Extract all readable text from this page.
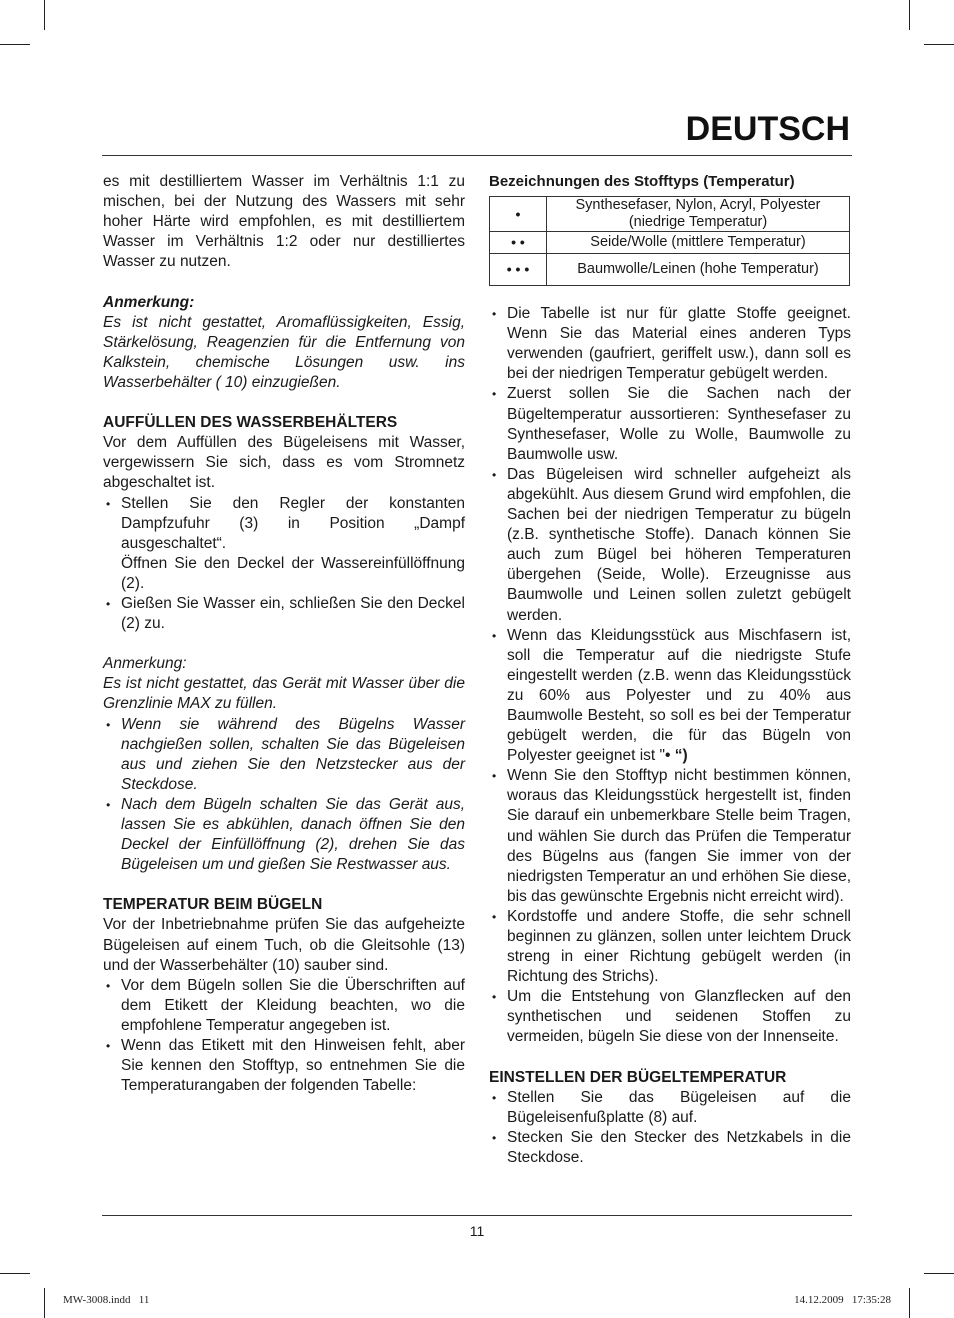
DEUTSCH

es mit destilliertem Wasser im Verhältnis 1:1 zu mischen, bei der Nutzung des Wassers mit sehr hoher Härte wird empfohlen, es mit destilliertem Wasser im Verhältnis 1:2 oder nur destilliertes Wasser zu nutzen.

Anmerkung:

Es ist nicht gestattet, Aromaflüssigkeiten, Essig, Stärkelösung, Reagenzien für die Entfernung von Kalkstein, chemische Lösungen usw. ins Wasserbehälter ( 10) einzugießen.

AUFFÜLLEN DES WASSERBEHÄLTERS

Vor dem Auffüllen des Bügeleisens mit Wasser, vergewissern Sie sich, dass es vom Stromnetz abgeschaltet ist.

• Stellen Sie den Regler der konstanten Dampfzufuhr (3) in Position „Dampf ausgeschaltet“.
Öffnen Sie den Deckel der Wassereinfüllöffnung (2).
• Gießen Sie Wasser ein, schließen Sie den Deckel (2) zu.

Anmerkung:

Es ist nicht gestattet, das Gerät mit Wasser über die Grenzlinie MAX zu füllen.

• Wenn sie während des Bügelns Wasser nachgießen sollen, schalten Sie das Bügeleisen aus und ziehen Sie den Netzstecker aus der Steckdose.
• Nach dem Bügeln schalten Sie das Gerät aus, lassen Sie es abkühlen, danach öffnen Sie den Deckel der Einfüllöffnung (2), drehen Sie das Bügeleisen um und gießen Sie Restwasser aus.

TEMPERATUR BEIM BÜGELN

Vor der Inbetriebnahme prüfen Sie das aufgeheizte Bügeleisen auf einem Tuch, ob die Gleitsohle (13) und der Wasserbehälter (10) sauber sind.

• Vor dem Bügeln sollen Sie die Überschriften auf dem Etikett der Kleidung beachten, wo die empfohlene Temperatur angegeben ist.
• Wenn das Etikett mit den Hinweisen fehlt, aber Sie kennen den Stofftyp, so entnehmen Sie die Temperaturangaben der folgenden Tabelle:

Bezeichnungen des Stofftyps (Temperatur)

•	Synthesefaser, Nylon, Acryl, Polyester (niedrige Temperatur)
• •	Seide/Wolle (mittlere Temperatur)
• • •	Baumwolle/Leinen (hohe Temperatur)
• Die Tabelle ist nur für glatte Stoffe geeignet. Wenn Sie das Material eines anderen Typs verwenden (gaufriert, geriffelt usw.), dann soll es bei der niedrigen Temperatur gebügelt werden.
• Zuerst sollen Sie die Sachen nach der Bügeltemperatur aussortieren: Synthesefaser zu Synthesefaser, Wolle zu Wolle, Baumwolle zu Baumwolle usw.
• Das Bügeleisen wird schneller aufgeheizt als abgekühlt. Aus diesem Grund wird empfohlen, die Sachen bei der niedrigen Temperatur zu bügeln (z.B. synthetische Stoffe). Danach können Sie auch zum Bügel bei höheren Temperaturen übergehen (Seide, Wolle). Erzeugnisse aus Baumwolle und Leinen sollen zuletzt gebügelt werden.
• Wenn das Kleidungsstück aus Mischfasern ist, soll die Temperatur auf die niedrigste Stufe eingestellt werden (z.B. wenn das Kleidungsstück zu 60% aus Polyester und zu 40% aus Baumwolle Besteht, so soll es bei der Temperatur gebügelt werden, die für das Bügeln von Polyester geeignet ist "• “)
• Wenn Sie den Stofftyp nicht bestimmen können, woraus das Kleidungsstück hergestellt ist, finden Sie darauf ein unbemerkbare Stelle beim Tragen, und wählen Sie durch das Prüfen die Temperatur des Bügelns aus (fangen Sie immer von der niedrigsten Temperatur an und erhöhen Sie diese, bis das gewünschte Ergebnis nicht erreicht wird).
• Kordstoffe und andere Stoffe, die sehr schnell beginnen zu glänzen, sollen unter leichtem Druck streng in einer Richtung gebügelt werden (in Richtung des Strichs).
• Um die Entstehung von Glanzflecken auf den synthetischen und seidenen Stoffen zu vermeiden, bügeln Sie diese von der Innenseite.

EINSTELLEN DER BÜGELTEMPERATUR

• Stellen Sie das Bügeleisen auf die Bügeleisenfußplatte (8) auf.
• Stecken Sie den Stecker des Netzkabels in die Steckdose.
11
MW-3008.indd   11	14.12.2009   17:35:28
